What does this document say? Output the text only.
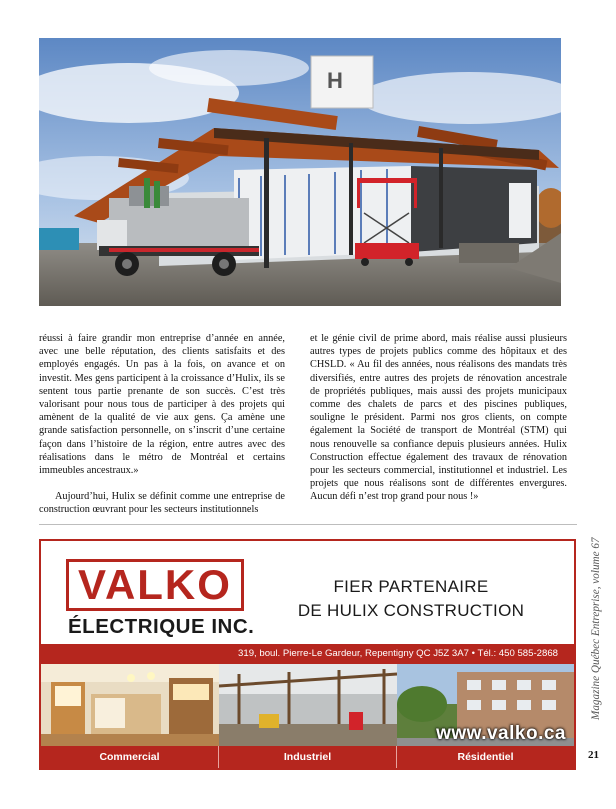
H

réussi à faire grandir mon entreprise d’année en année, avec une belle réputation, des clients satisfaits et des employés engagés. Un pas à la fois, on avance et on investit. Mes gens participent à la croissance d’Hulix, ils se sentent tous partie prenante de son succès. C’est très valorisant pour nous tous de participer à des projets qui amènent de la qualité de vie aux gens. Ça amène une grande satisfaction personnelle, on s’inscrit d’une certaine façon dans l’histoire de la région, entre autres avec des réalisations dans le métro de Montréal et certains immeubles ancestraux.»

Aujourd’hui, Hulix se définit comme une entreprise de construction œuvrant pour les secteurs institutionnels

et le génie civil de prime abord, mais réalise aussi plusieurs autres types de projets publics comme des hôpitaux et des CHSLD. « Au fil des années, nous réalisons des mandats très diversifiés, entre autres des projets de rénovation ancestrale de propriétés publiques, mais aussi des projets municipaux comme des chalets de parcs et des piscines publiques, souligne le président. Parmi nos gros clients, on compte également la Société de transport de Montréal (STM) qui nous renouvelle sa confiance depuis plusieurs années. Hulix Construction effectue également des travaux de rénovation pour les secteurs commercial, institutionnel et industriel. Les projets que nous réalisons sont de différentes envergures. Aucun défi n’est trop grand pour nous !»

VALKO
ÉLECTRIQUE INC.
FIER PARTENAIRE
DE HULIX CONSTRUCTION
319, boul. Pierre-Le Gardeur, Repentigny QC J5Z 3A7 • Tél.: 450 585-2868
www.valko.ca
Commercial	Industriel	Résidentiel
Magazine Québec Entreprise, volume 67
21
